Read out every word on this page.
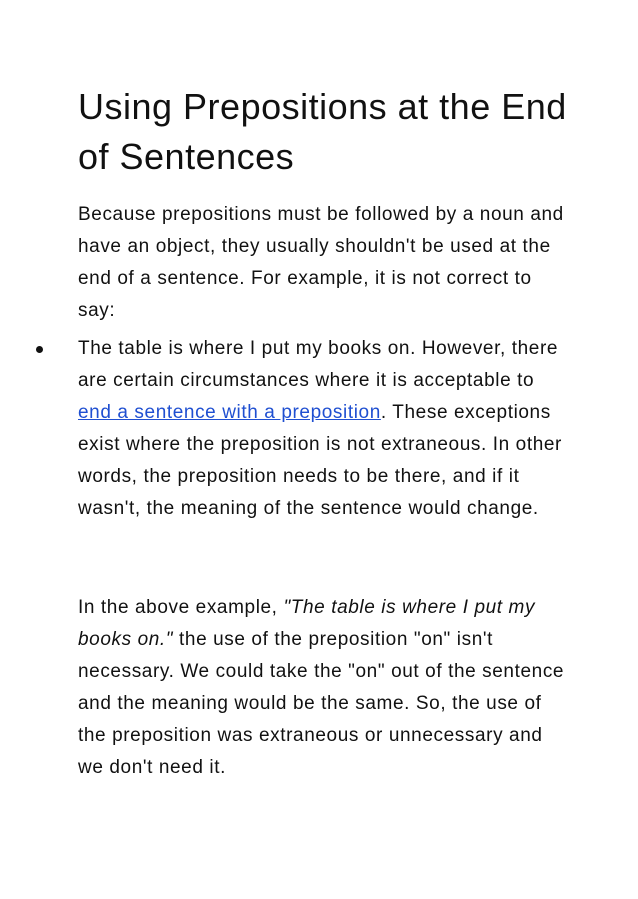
Using Prepositions at the End of Sentences

Because prepositions must be followed by a noun and have an object, they usually shouldn't be used at the end of a sentence. For example, it is not correct to say:

The table is where I put my books on. However, there are certain circumstances where it is acceptable to end a sentence with a preposition. These exceptions exist where the preposition is not extraneous. In other words, the preposition needs to be there, and if it wasn't, the meaning of the sentence would change.

In the above example, "The table is where I put my books on." the use of the preposition "on" isn't necessary. We could take the "on" out of the sentence and the meaning would be the same. So, the use of the preposition was extraneous or unnecessary and we don't need it.
